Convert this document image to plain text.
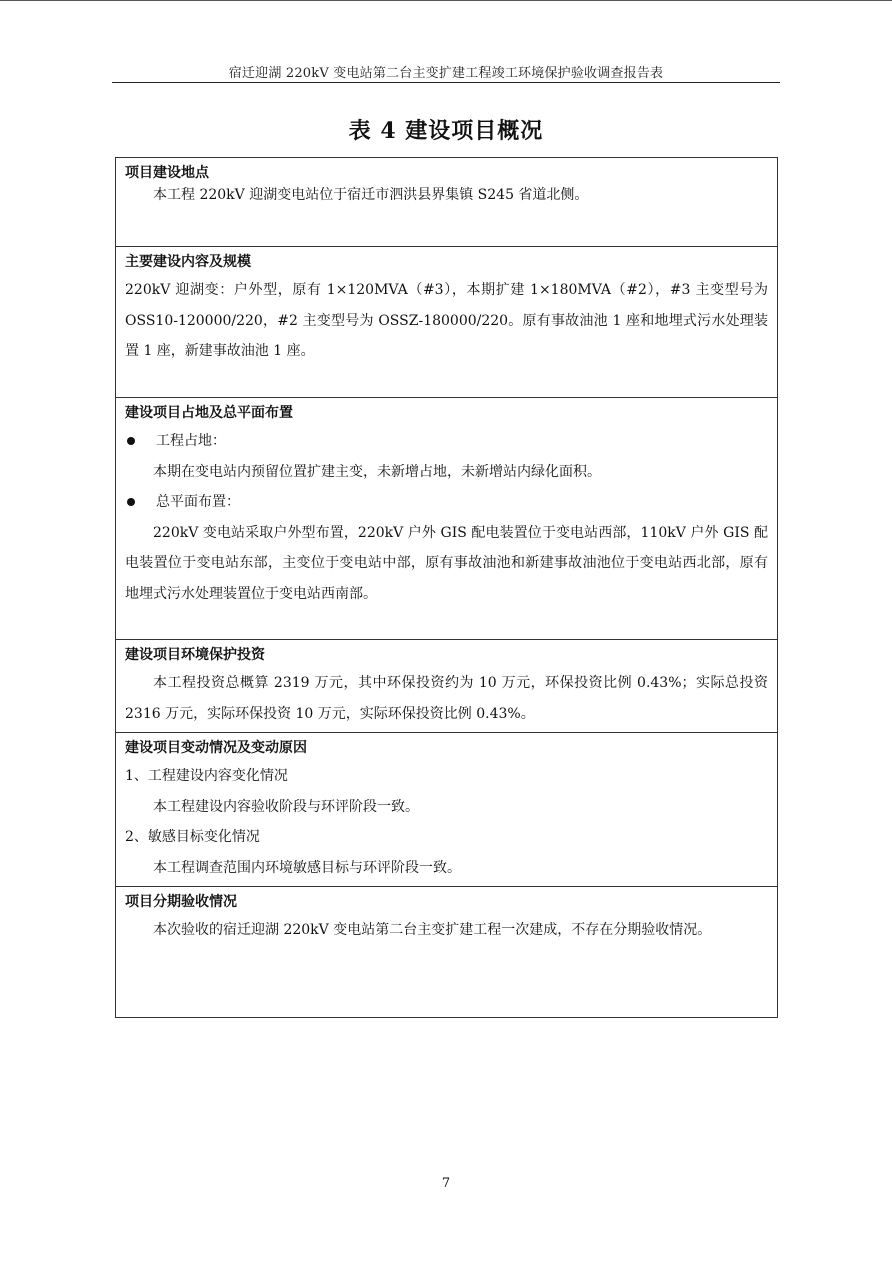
宿迁迎湖 220kV 变电站第二台主变扩建工程竣工环境保护验收调查报告表
表 4 建设项目概况
项目建设地点
本工程 220kV 迎湖变电站位于宿迁市泗洪县界集镇 S245 省道北侧。
主要建设内容及规模
220kV 迎湖变：户外型，原有 1×120MVA（#3），本期扩建 1×180MVA（#2），#3 主变型号为 OSS10-120000/220，#2 主变型号为 OSSZ-180000/220。原有事故油池 1 座和地埋式污水处理装置 1 座，新建事故油池 1 座。
建设项目占地及总平面布置
工程占地：
本期在变电站内预留位置扩建主变，未新增占地，未新增站内绿化面积。
总平面布置：
220kV 变电站采取户外型布置，220kV 户外 GIS 配电装置位于变电站西部，110kV 户外 GIS 配电装置位于变电站东部，主变位于变电站中部，原有事故油池和新建事故油池位于变电站西北部，原有地埋式污水处理装置位于变电站西南部。
建设项目环境保护投资
本工程投资总概算 2319 万元，其中环保投资约为 10 万元，环保投资比例 0.43%；实际总投资 2316 万元，实际环保投资 10 万元，实际环保投资比例 0.43%。
建设项目变动情况及变动原因
1、工程建设内容变化情况
本工程建设内容验收阶段与环评阶段一致。
2、敏感目标变化情况
本工程调查范围内环境敏感目标与环评阶段一致。
项目分期验收情况
本次验收的宿迁迎湖 220kV 变电站第二台主变扩建工程一次建成，不存在分期验收情况。
7
